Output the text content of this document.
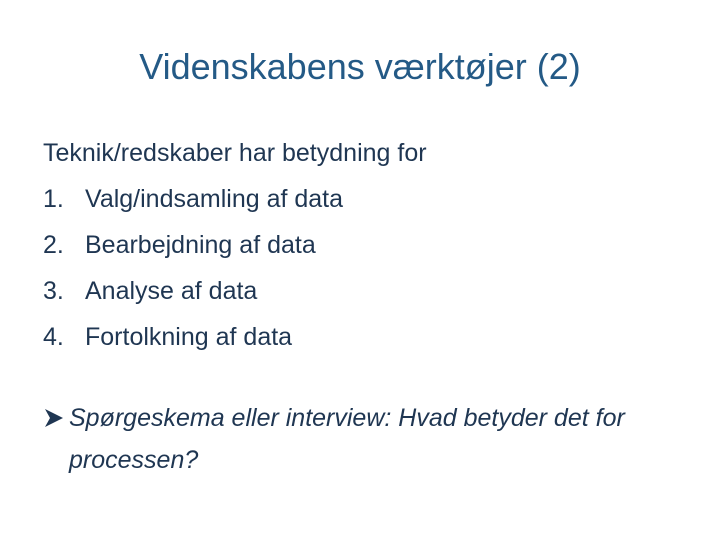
Videnskabens værktøjer (2)

Teknik/redskaber har betydning for

1. Valg/indsamling af data
2. Bearbejdning af data
3. Analyse af data
4. Fortolkning af data
Spørgeskema eller interview: Hvad betyder det for processen?
